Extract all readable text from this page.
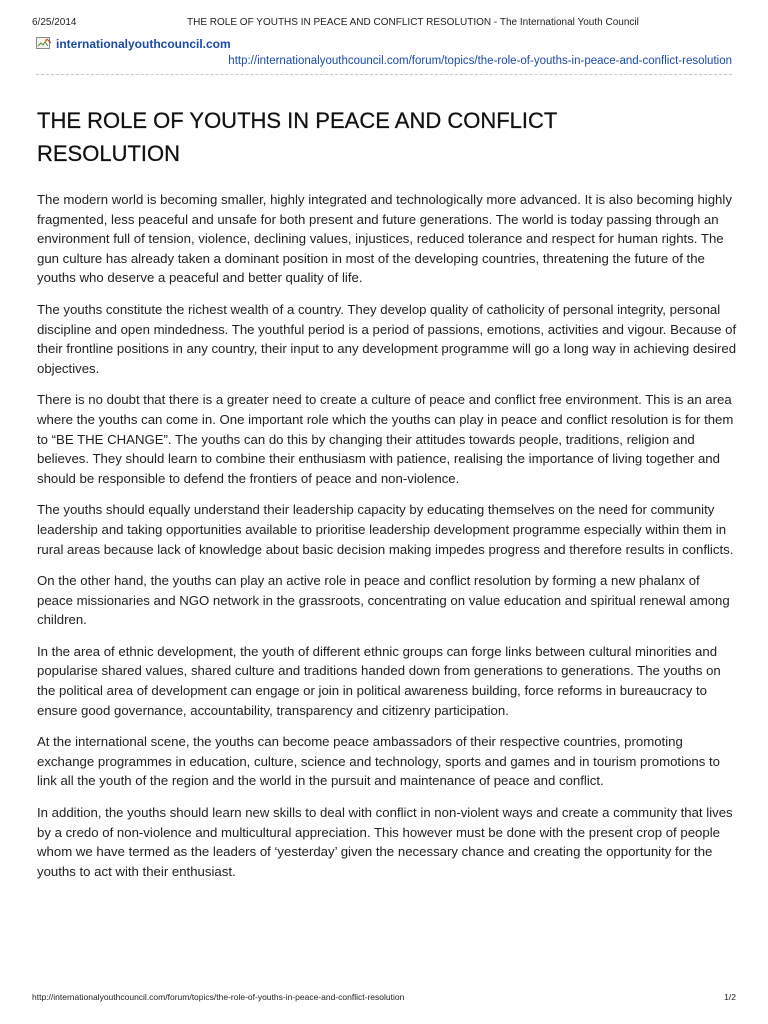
6/25/2014	THE ROLE OF YOUTHS IN PEACE AND CONFLICT RESOLUTION - The International Youth Council
internationalyouthcouncil.com
http://internationalyouthcouncil.com/forum/topics/the-role-of-youths-in-peace-and-conflict-resolution
THE ROLE OF YOUTHS IN PEACE AND CONFLICT RESOLUTION

The modern world is becoming smaller, highly integrated and technologically more advanced. It is also becoming highly fragmented, less peaceful and unsafe for both present and future generations. The world is today passing through an environment full of tension, violence, declining values, injustices, reduced tolerance and respect for human rights. The gun culture has already taken a dominant position in most of the developing countries, threatening the future of the youths who deserve a peaceful and better quality of life.

The youths constitute the richest wealth of a country. They develop quality of catholicity of personal integrity, personal discipline and open mindedness. The youthful period is a period of passions, emotions, activities and vigour. Because of their frontline positions in any country, their input to any development programme will go a long way in achieving desired objectives.

There is no doubt that there is a greater need to create a culture of peace and conflict free environment. This is an area where the youths can come in. One important role which the youths can play in peace and conflict resolution is for them to “BE THE CHANGE”. The youths can do this by changing their attitudes towards people, traditions, religion and believes. They should learn to combine their enthusiasm with patience, realising the importance of living together and should be responsible to defend the frontiers of peace and non-violence.

The youths should equally understand their leadership capacity by educating themselves on the need for community leadership and taking opportunities available to prioritise leadership development programme especially within them in rural areas because lack of knowledge about basic decision making impedes progress and therefore results in conflicts.

On the other hand, the youths can play an active role in peace and conflict resolution by forming a new phalanx of peace missionaries and NGO network in the grassroots, concentrating on value education and spiritual renewal among children.

In the area of ethnic development, the youth of different ethnic groups can forge links between cultural minorities and popularise shared values, shared culture and traditions handed down from generations to generations. The youths on the political area of development can engage or join in political awareness building, force reforms in bureaucracy to ensure good governance, accountability, transparency and citizenry participation.

At the international scene, the youths can become peace ambassadors of their respective countries, promoting exchange programmes in education, culture, science and technology, sports and games and in tourism promotions to link all the youth of the region and the world in the pursuit and maintenance of peace and conflict.

In addition, the youths should learn new skills to deal with conflict in non-violent ways and create a community that lives by a credo of non-violence and multicultural appreciation. This however must be done with the present crop of people whom we have termed as the leaders of ‘yesterday’ given the necessary chance and creating the opportunity for the youths to act with their enthusiast.

http://internationalyouthcouncil.com/forum/topics/the-role-of-youths-in-peace-and-conflict-resolution	1/2
